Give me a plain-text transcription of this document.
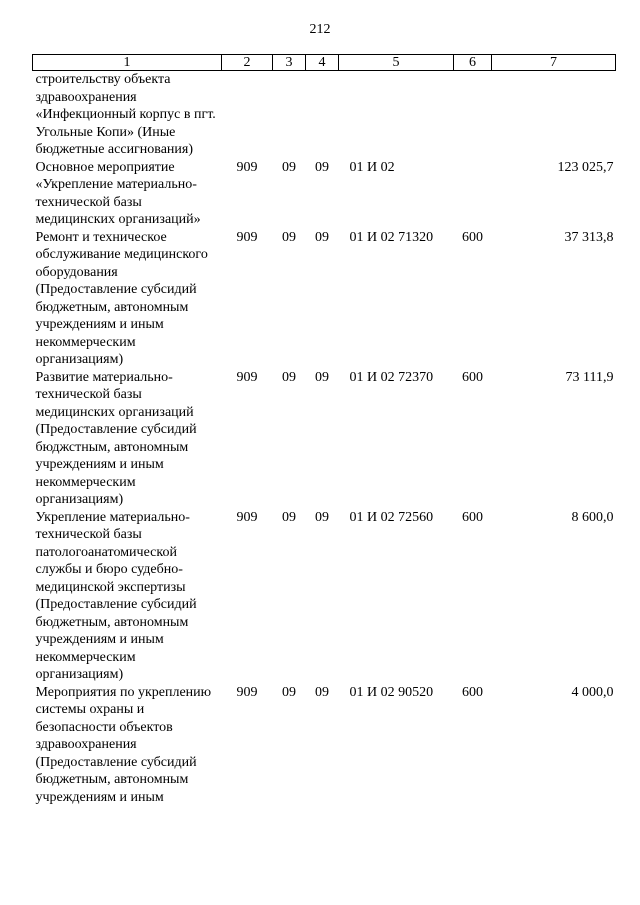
212
1	2	3	4	5	6	7
строительству объекта здравоохранения «Инфекционный корпус в пгт. Угольные Копи» (Иные бюджетные ассигнования)						
Основное мероприятие «Укрепление материально-технической базы медицинских организаций»	909	09	09	01 И 02		123 025,7
Ремонт и техническое обслуживание медицинского оборудования (Предоставление субсидий бюджетным, автономным учреждениям и иным некоммерческим организациям)	909	09	09	01 И 02 71320	600	37 313,8
Развитие материально-технической базы медицинских организаций (Предоставление субсидий бюджстным, автономным учреждениям и иным некоммерческим организациям)	909	09	09	01 И 02 72370	600	73 111,9
Укрепление материально-технической базы патологоанатомической службы и бюро судебно-медицинской экспертизы (Предоставление субсидий бюджетным, автономным учреждениям и иным некоммерческим организациям)	909	09	09	01 И 02 72560	600	8 600,0
Мероприятия по укреплению системы охраны и безопасности объектов здравоохранения (Предоставление субсидий бюджетным, автономным учреждениям и иным	909	09	09	01 И 02 90520	600	4 000,0
